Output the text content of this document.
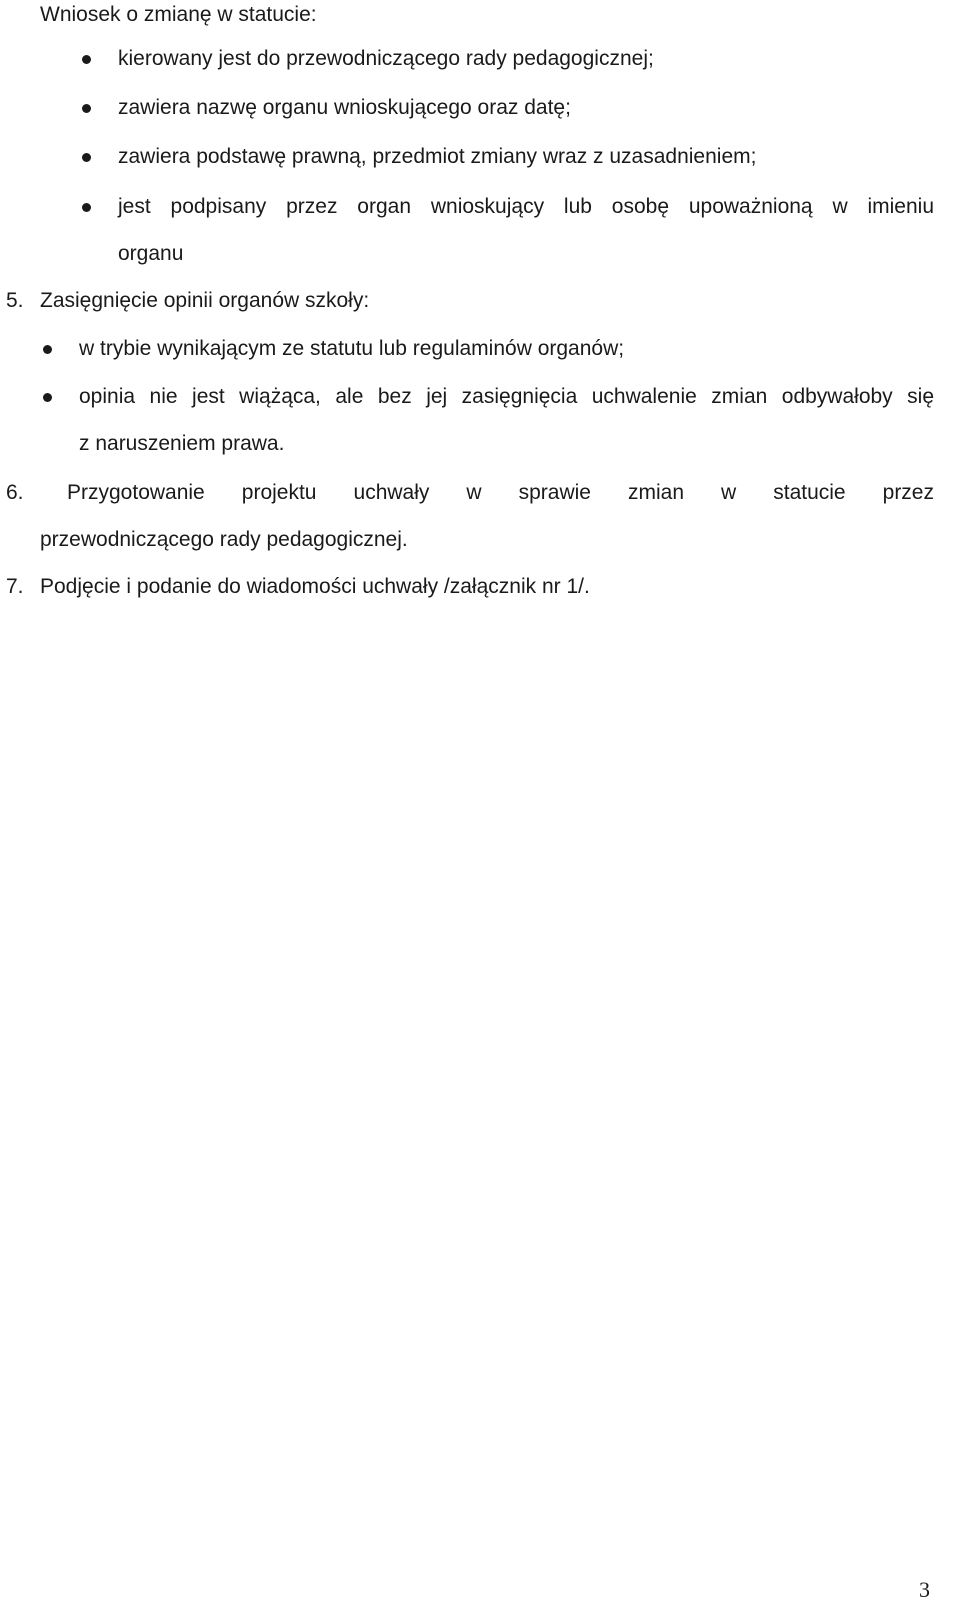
Wniosek o zmianę w statucie:
kierowany jest do przewodniczącego rady pedagogicznej;
zawiera nazwę organu wnioskującego oraz datę;
zawiera podstawę prawną, przedmiot zmiany wraz z uzasadnieniem;
jest podpisany przez organ wnioskujący lub osobę upoważnioną w imieniu
organu
5. Zasięgnięcie opinii organów szkoły:
w trybie wynikającym ze statutu lub regulaminów organów;
opinia nie jest wiążąca, ale bez jej zasięgnięcia uchwalenie zmian odbywałoby się
z naruszeniem prawa.
6. Przygotowanie projektu uchwały w sprawie zmian w statucie przez
przewodniczącego rady pedagogicznej.
7. Podjęcie i podanie do wiadomości uchwały /załącznik nr 1/.
3
